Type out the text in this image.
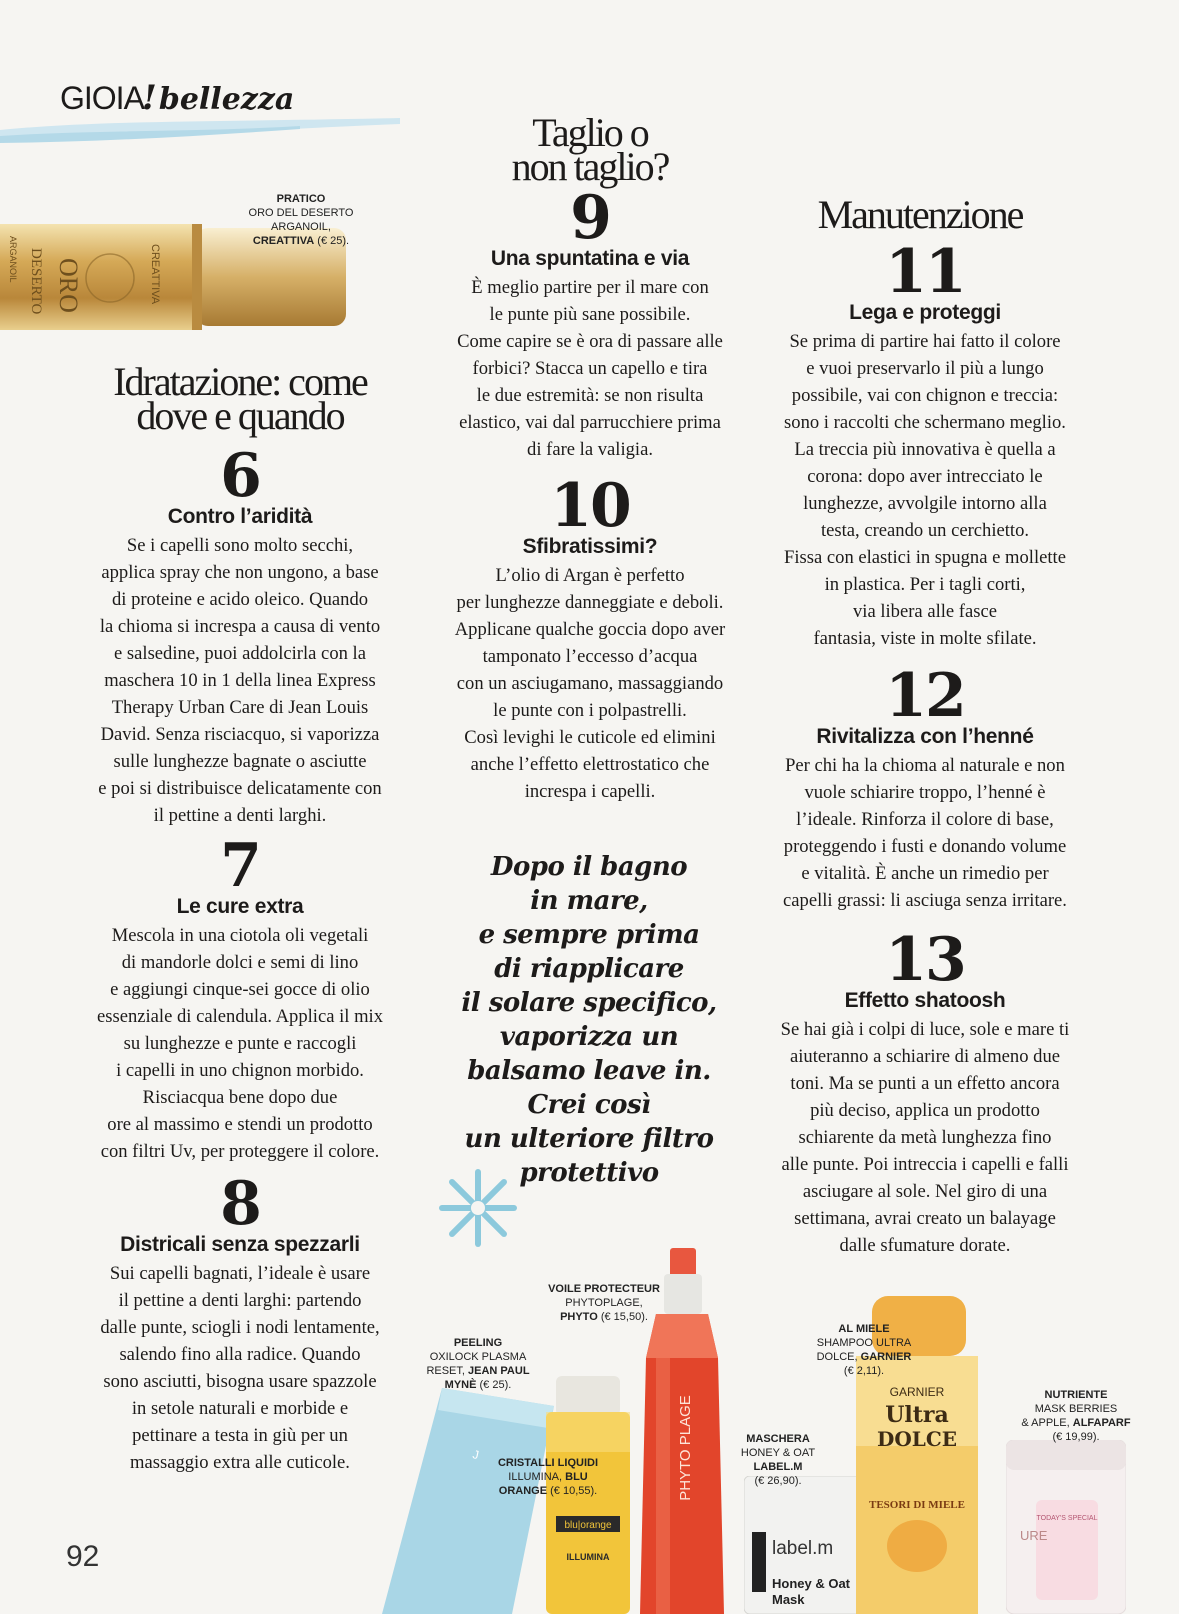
GIOIA
! bellezza
ORO
DESERTO
ARGANOIL	CREATTIVA
PRATICO
ORO DEL DESERTO
ARGANOIL,
CREATTIVA (€ 25).
Idratazione: come
dove e quando
Taglio o
non taglio?
Manutenzione
6
Contro l’aridità
Se i capelli sono molto secchi,
applica spray che non ungono, a base
di proteine e acido oleico. Quando
la chioma si increspa a causa di vento
e salsedine, puoi addolcirla con la
maschera 10 in 1 della linea Express
Therapy Urban Care di Jean Louis
David. Senza risciacquo, si vaporizza
sulle lunghezze bagnate o asciutte
e poi si distribuisce delicatamente con
il pettine a denti larghi.
7
Le cure extra
Mescola in una ciotola oli vegetali
di mandorle dolci e semi di lino
e aggiungi cinque-sei gocce di olio
essenziale di calendula. Applica il mix
su lunghezze e punte e raccogli
i capelli in uno chignon morbido.
Risciacqua bene dopo due
ore al massimo e stendi un prodotto
con filtri Uv, per proteggere il colore.
8
Districali senza spezzarli
Sui capelli bagnati, l’ideale è usare
il pettine a denti larghi: partendo
dalle punte, sciogli i nodi lentamente,
salendo fino alla radice. Quando
sono asciutti, bisogna usare spazzole
in setole naturali e morbide e
pettinare a testa in giù per un
massaggio extra alle cuticole.
9
Una spuntatina e via
È meglio partire per il mare con
le punte più sane possibile.
Come capire se è ora di passare alle
forbici? Stacca un capello e tira
le due estremità: se non risulta
elastico, vai dal parrucchiere prima
di fare la valigia.
10
Sfibratissimi?
L’olio di Argan è perfetto
per lunghezze danneggiate e deboli.
Applicane qualche goccia dopo aver
tamponato l’eccesso d’acqua
con un asciugamano, massaggiando
le punte con i polpastrelli.
Così levighi le cuticole ed elimini
anche l’effetto elettrostatico che
increspa i capelli.
11
Lega e proteggi
Se prima di partire hai fatto il colore
e vuoi preservarlo il più a lungo
possibile, vai con chignon e treccia:
sono i raccolti che schermano meglio.
La treccia più innovativa è quella a
corona: dopo aver intrecciato le
lunghezze, avvolgile intorno alla
testa, creando un cerchietto.
Fissa con elastici in spugna e mollette
in plastica. Per i tagli corti,
via libera alle fasce
fantasia, viste in molte sfilate.
12
Rivitalizza con l’henné
Per chi ha la chioma al naturale e non
vuole schiarire troppo, l’henné è
l’ideale. Rinforza il colore di base,
proteggendo i fusti e donando volume
e vitalità. È anche un rimedio per
capelli grassi: li asciuga senza irritare.
13
Effetto shatoosh
Se hai già i colpi di luce, sole e mare ti
aiuteranno a schiarire di almeno due
toni. Ma se punti a un effetto ancora
più deciso, applica un prodotto
schiarente da metà lunghezza fino
alle punte. Poi intreccia i capelli e falli
asciugare al sole. Nel giro di una
settimana, avrai creato un balayage
dalle sfumature dorate.
Dopo il bagno
in mare,
e sempre prima
di riapplicare
il solare specifico,
vaporizza un
balsamo leave in.
Crei così
un ulteriore filtro
protettivo
J
blu|orange
ILLUMINA
PHYTO PLAGE
label.m
Honey & Oat
Mask
GARNIER
Ultra
DOLCE
TESORI DI MIELE
TODAY'S SPECIAL
URE
VOILE PROTECTEUR
PHYTOPLAGE,
PHYTO (€ 15,50).
PEELING
OXILOCK PLASMA
RESET, JEAN PAUL
MYNÈ (€ 25).
CRISTALLI LIQUIDI
ILLUMINA, BLU
ORANGE (€ 10,55).
MASCHERA
HONEY & OAT
LABEL.M
(€ 26,90).
AL MIELE
SHAMPOO ULTRA
DOLCE, GARNIER
(€ 2,11).
NUTRIENTE
MASK BERRIES
& APPLE, ALFAPARF
(€ 19,99).
92
